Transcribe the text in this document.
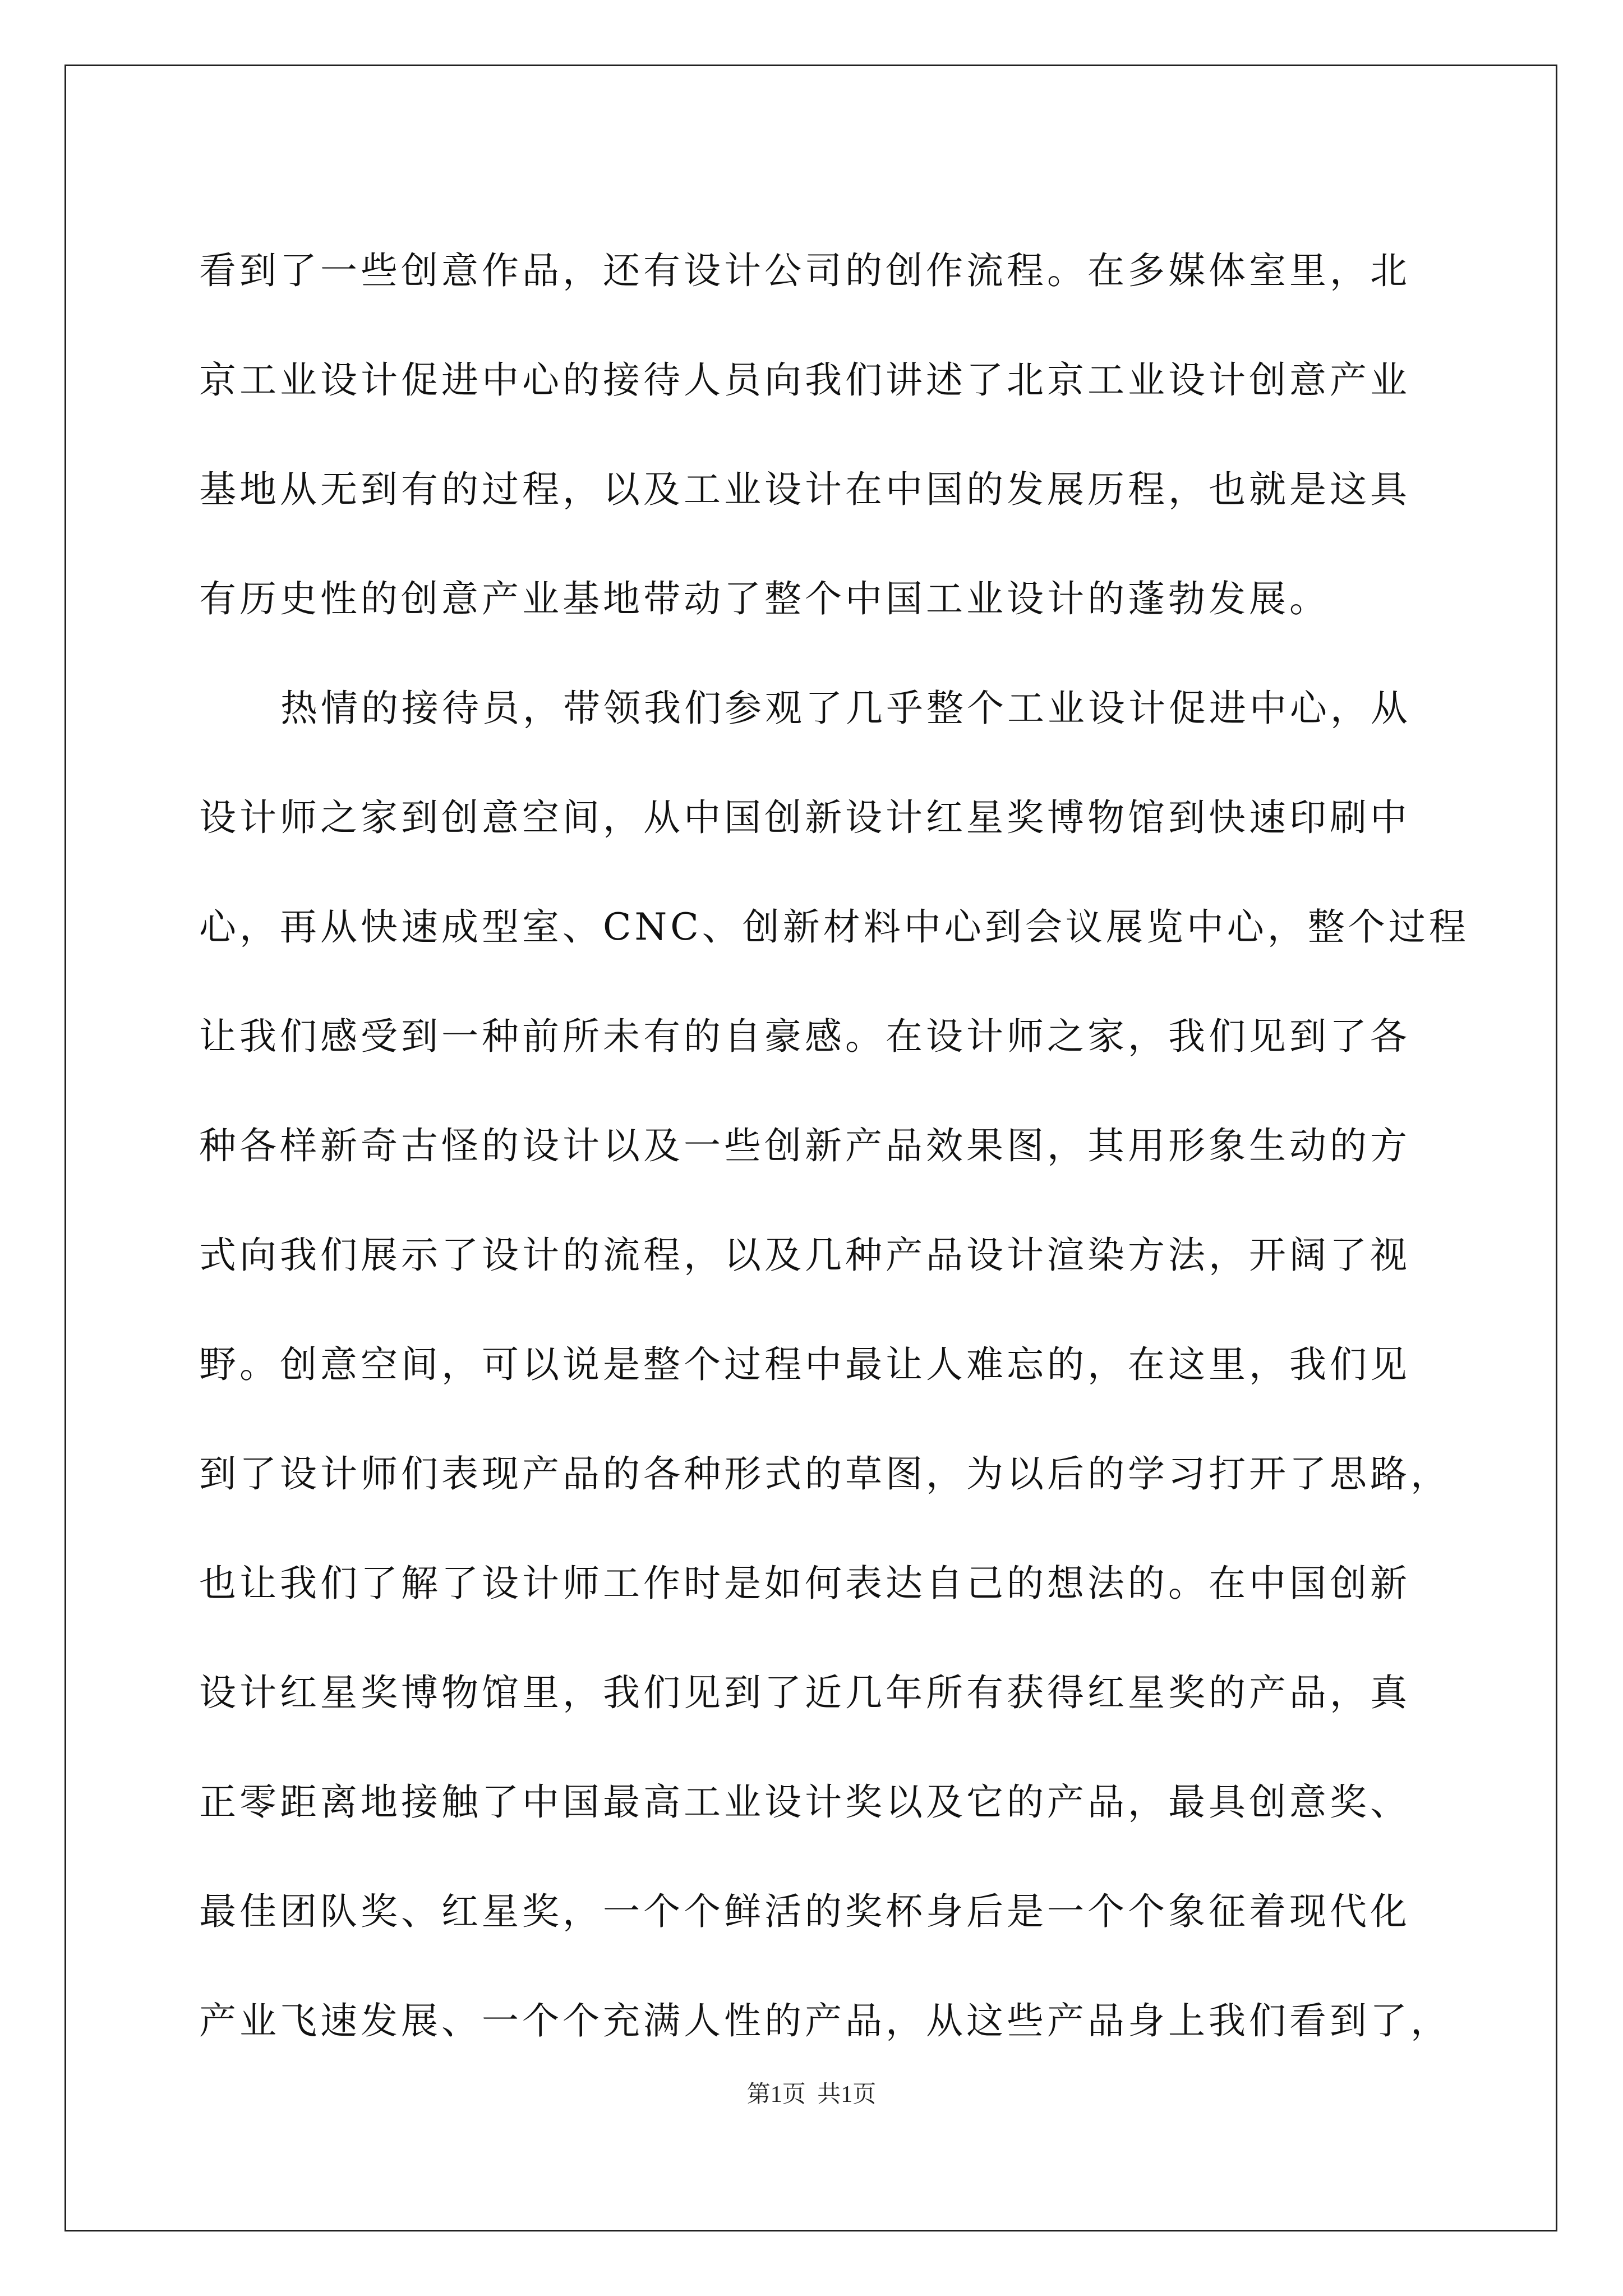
看到了一些创意作品，还有设计公司的创作流程。在多媒体室里，北
京工业设计促进中心的接待人员向我们讲述了北京工业设计创意产业
基地从无到有的过程，以及工业设计在中国的发展历程，也就是这具
有历史性的创意产业基地带动了整个中国工业设计的蓬勃发展。

热情的接待员，带领我们参观了几乎整个工业设计促进中心，从
设计师之家到创意空间，从中国创新设计红星奖博物馆到快速印刷中
心，再从快速成型室、CNC、创新材料中心到会议展览中心，整个过程
让我们感受到一种前所未有的自豪感。在设计师之家，我们见到了各
种各样新奇古怪的设计以及一些创新产品效果图，其用形象生动的方
式向我们展示了设计的流程，以及几种产品设计渲染方法，开阔了视
野。创意空间，可以说是整个过程中最让人难忘的，在这里，我们见
到了设计师们表现产品的各种形式的草图，为以后的学习打开了思路，
也让我们了解了设计师工作时是如何表达自己的想法的。在中国创新
设计红星奖博物馆里，我们见到了近几年所有获得红星奖的产品，真
正零距离地接触了中国最高工业设计奖以及它的产品，最具创意奖、
最佳团队奖、红星奖，一个个鲜活的奖杯身后是一个个象征着现代化
产业飞速发展、一个个充满人性的产品，从这些产品身上我们看到了，

第1页 共1页
